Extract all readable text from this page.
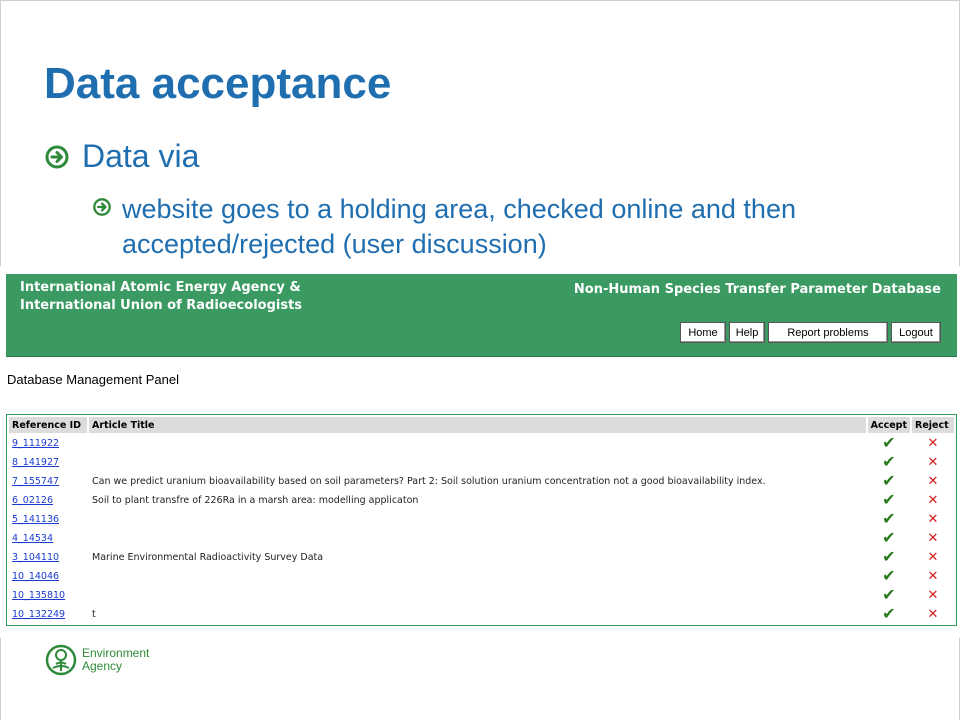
Data acceptance
Data via
website goes to a holding area, checked online and then accepted/rejected (user discussion)
International Atomic Energy Agency &
International Union of Radioecologists
Non-Human Species Transfer Parameter Database
Home	Help	Report problems	Logout
Database Management Panel
Reference ID	Article Title	Accept	Reject
9_111922		✔	✕
8_141927		✔	✕
7_155747	Can we predict uranium bioavailability based on soil parameters? Part 2: Soil solution uranium concentration not a good bioavailability index.	✔	✕
6_02126	Soil to plant transfre of 226Ra in a marsh area: modelling applicaton	✔	✕
5_141136		✔	✕
4_14534		✔	✕
3_104110	Marine Environmental Radioactivity Survey Data	✔	✕
10_14046		✔	✕
10_135810		✔	✕
10_132249	t	✔	✕
Environment
Agency
